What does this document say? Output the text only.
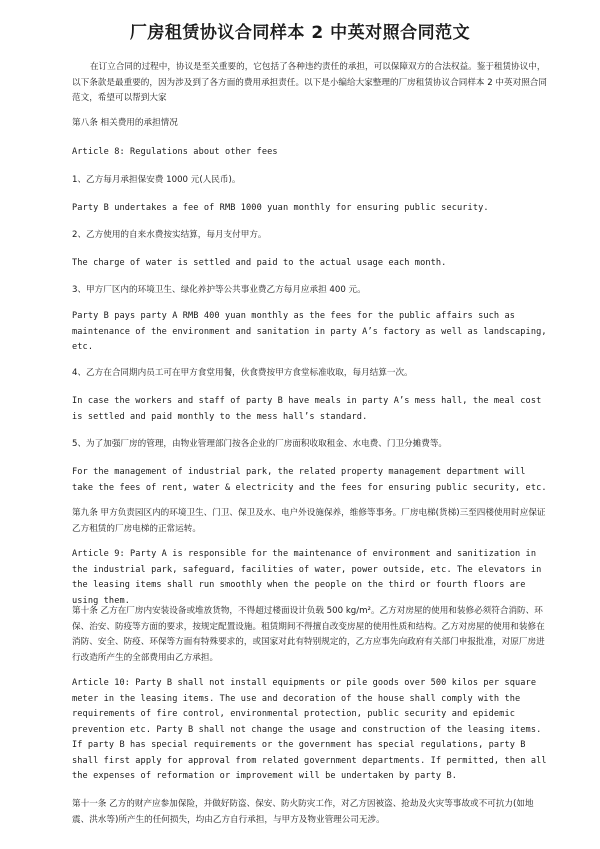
厂房租赁协议合同样本 2 中英对照合同范文
在订立合同的过程中，协议是至关重要的，它包括了各种违约责任的承担，可以保障双方的合法权益。鉴于租赁协议中，以下条款是最重要的，因为涉及到了各方面的费用承担责任。以下是小编给大家整理的厂房租赁协议合同样本 2 中英对照合同范文，希望可以帮到大家
第八条 相关费用的承担情况
Article 8: Regulations about other fees
1、乙方每月承担保安费 1000 元(人民币)。
Party B undertakes a fee of RMB 1000 yuan monthly for ensuring public security.
2、乙方使用的自来水费按实结算，每月支付甲方。
The charge of water is settled and paid to the actual usage each month.
3、甲方厂区内的环境卫生、绿化养护等公共事业费乙方每月应承担 400 元。
Party B pays party A RMB 400 yuan monthly as the fees for the public affairs such as maintenance of the environment and sanitation in party A’s factory as well as landscaping, etc.
4、乙方在合同期内员工可在甲方食堂用餐，伙食费按甲方食堂标准收取，每月结算一次。
In case the workers and staff of party B have meals in party A’s mess hall, the meal cost is settled and paid monthly to the mess hall’s standard.
5、为了加强厂房的管理，由物业管理部门按各企业的厂房面积收取租金、水电费、门卫分摊费等。
For the management of industrial park, the related property management department will take the fees of rent, water & electricity and the fees for ensuring public security, etc.
第九条 甲方负责园区内的环境卫生、门卫、保卫及水、电户外设施保养，维修等事务。厂房电梯(货梯)三至四楼使用时应保证乙方租赁的厂房电梯的正常运转。
Article 9: Party A is responsible for the maintenance of environment and sanitization in the industrial park, safeguard, facilities of water, power outside, etc. The elevators in the leasing items shall run smoothly when the people on the third or fourth floors are using them.
第十条 乙方在厂房内安装设备或堆放货物，不得超过楼面设计负载 500 kg/m²。乙方对房屋的使用和装修必须符合消防、环保、治安、防疫等方面的要求，按规定配置设施。租赁期间不得擅自改变房屋的使用性质和结构。乙方对房屋的使用和装修在消防、安全、防疫、环保等方面有特殊要求的，或国家对此有特别规定的，乙方应事先向政府有关部门申报批准，对原厂房进行改造所产生的全部费用由乙方承担。
Article 10: Party B shall not install equipments or pile goods over 500 kilos per square meter in the leasing items. The use and decoration of the house shall comply with the requirements of fire control, environmental protection, public security and epidemic prevention etc. Party B shall not change the usage and construction of the leasing items. If party B has special requirements or the government has special regulations, party B shall first apply for approval from related government departments. If permitted, then all the expenses of reformation or improvement will be undertaken by party B.
第十一条 乙方的财产应参加保险，并做好防盗、保安、防火防灾工作，对乙方因被盗、抢劫及火灾等事故或不可抗力(如地震、洪水等)所产生的任何损失，均由乙方自行承担，与甲方及物业管理公司无涉。
